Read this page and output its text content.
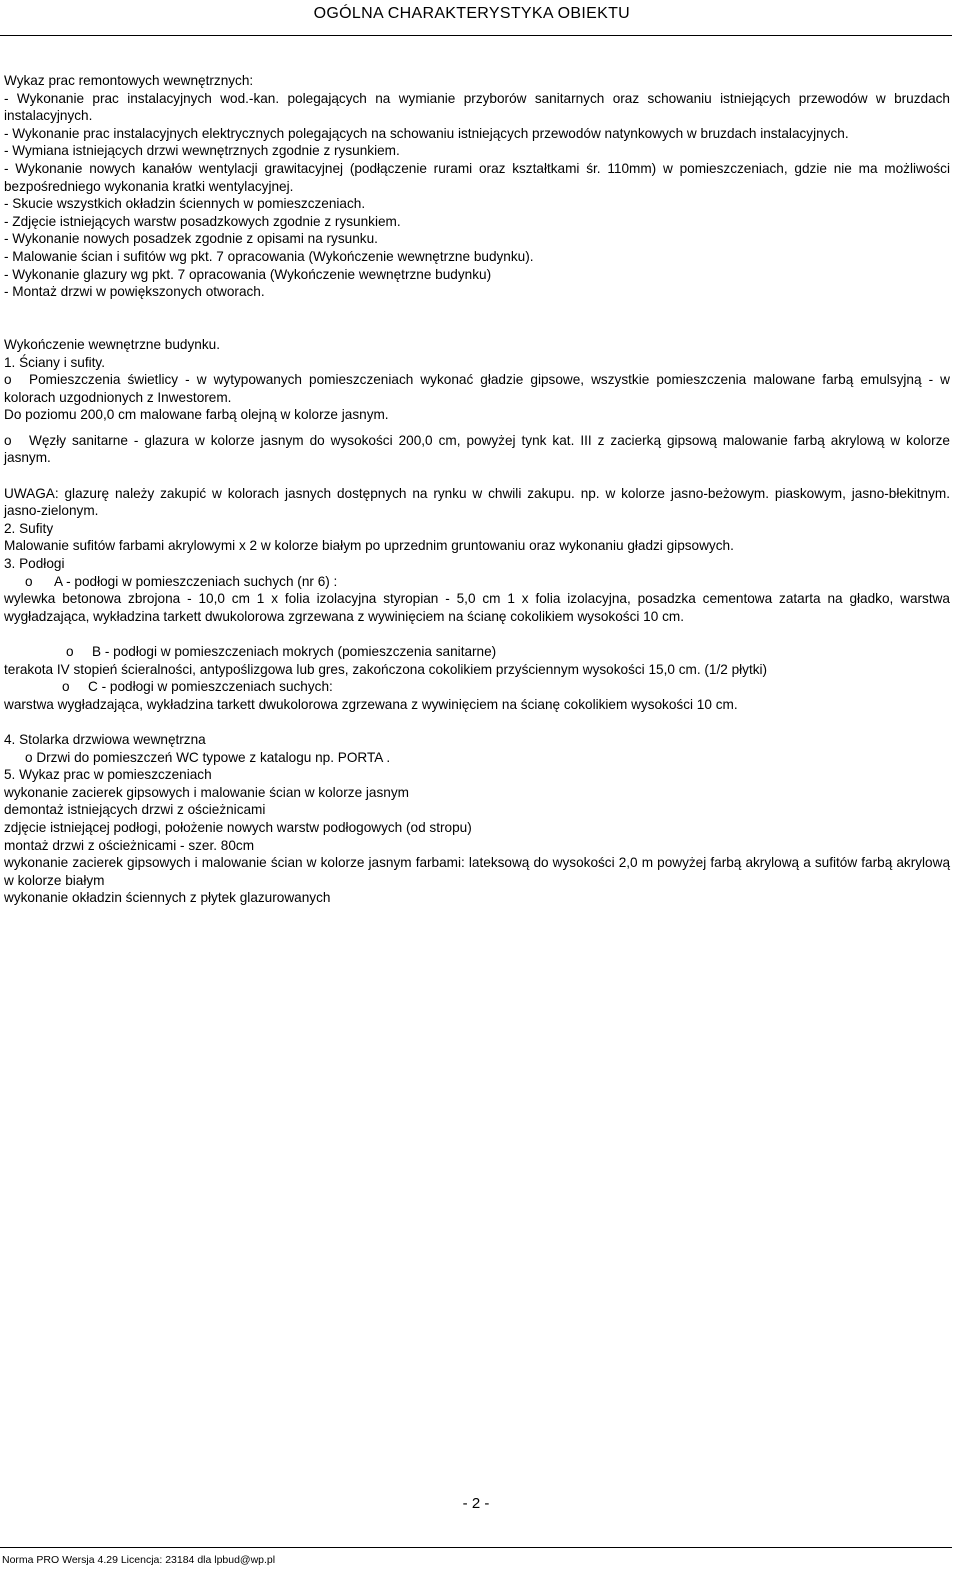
OGÓLNA CHARAKTERYSTYKA OBIEKTU

Wykaz prac remontowych wewnętrznych:

- Wykonanie prac instalacyjnych wod.-kan. polegających na wymianie przyborów sanitarnych oraz schowaniu istniejących przewodów w bruzdach instalacyjnych.

- Wykonanie prac instalacyjnych elektrycznych polegających na schowaniu istniejących przewodów natynkowych w bruzdach instalacyjnych.

- Wymiana istniejących drzwi wewnętrznych zgodnie z rysunkiem.

- Wykonanie nowych kanałów wentylacji grawitacyjnej (podłączenie rurami oraz kształtkami śr. 110mm) w pomieszczeniach, gdzie nie ma możliwości bezpośredniego wykonania kratki wentylacyjnej.

- Skucie wszystkich okładzin ściennych w pomieszczeniach.

- Zdjęcie istniejących warstw posadzkowych zgodnie z rysunkiem.

- Wykonanie nowych posadzek zgodnie z opisami na rysunku.

- Malowanie ścian i sufitów wg pkt. 7 opracowania (Wykończenie wewnętrzne budynku).

- Wykonanie glazury wg pkt. 7 opracowania (Wykończenie wewnętrzne budynku)

- Montaż drzwi w powiększonych otworach.

Wykończenie wewnętrzne budynku.

1. Ściany i sufity.

o Pomieszczenia świetlicy - w wytypowanych pomieszczeniach wykonać gładzie gipsowe, wszystkie pomieszczenia malowane farbą emulsyjną - w kolorach uzgodnionych z Inwestorem.

Do poziomu 200,0 cm malowane farbą olejną w kolorze jasnym.

o Węzły sanitarne - glazura w kolorze jasnym do wysokości 200,0 cm, powyżej tynk kat. III z zacierką gipsową malowanie farbą akrylową w kolorze jasnym.

UWAGA: glazurę należy zakupić w kolorach jasnych dostępnych na rynku w chwili zakupu. np. w kolorze jasno-beżowym. piaskowym, jasno-błekitnym. jasno-zielonym.

2. Sufity

Malowanie sufitów farbami akrylowymi x 2 w kolorze białym po uprzednim gruntowaniu oraz wykonaniu gładzi gipsowych.

3. Podłogi

o A - podłogi w pomieszczeniach suchych (nr 6) :

wylewka betonowa zbrojona - 10,0 cm 1 x folia izolacyjna styropian - 5,0 cm 1 x folia izolacyjna, posadzka cementowa zatarta na gładko, warstwa wygładzająca, wykładzina tarkett dwukolorowa zgrzewana z wywinięciem na ścianę cokolikiem wysokości 10 cm.

o B - podłogi w pomieszczeniach mokrych (pomieszczenia sanitarne)

terakota IV stopień ścieralności, antypoślizgowa lub gres, zakończona cokolikiem przyściennym wysokości 15,0 cm. (1/2 płytki)

o C - podłogi w pomieszczeniach suchych:

warstwa wygładzająca, wykładzina tarkett dwukolorowa zgrzewana z wywinięciem na ścianę cokolikiem wysokości 10 cm.

4. Stolarka drzwiowa wewnętrzna

o Drzwi do pomieszczeń WC typowe z katalogu np. PORTA .

5. Wykaz prac w pomieszczeniach

wykonanie zacierek gipsowych i malowanie ścian w kolorze jasnym

demontaż istniejących drzwi z ościeżnicami

zdjęcie istniejącej podłogi, położenie nowych warstw podłogowych (od stropu)

montaż drzwi z ościeżnicami - szer. 80cm

wykonanie zacierek gipsowych i malowanie ścian w kolorze jasnym farbami: lateksową do wysokości 2,0 m powyżej farbą akrylową a sufitów farbą akrylową w kolorze białym

wykonanie okładzin ściennych z płytek glazurowanych

- 2 -
Norma PRO Wersja 4.29 Licencja: 23184 dla lpbud@wp.pl
